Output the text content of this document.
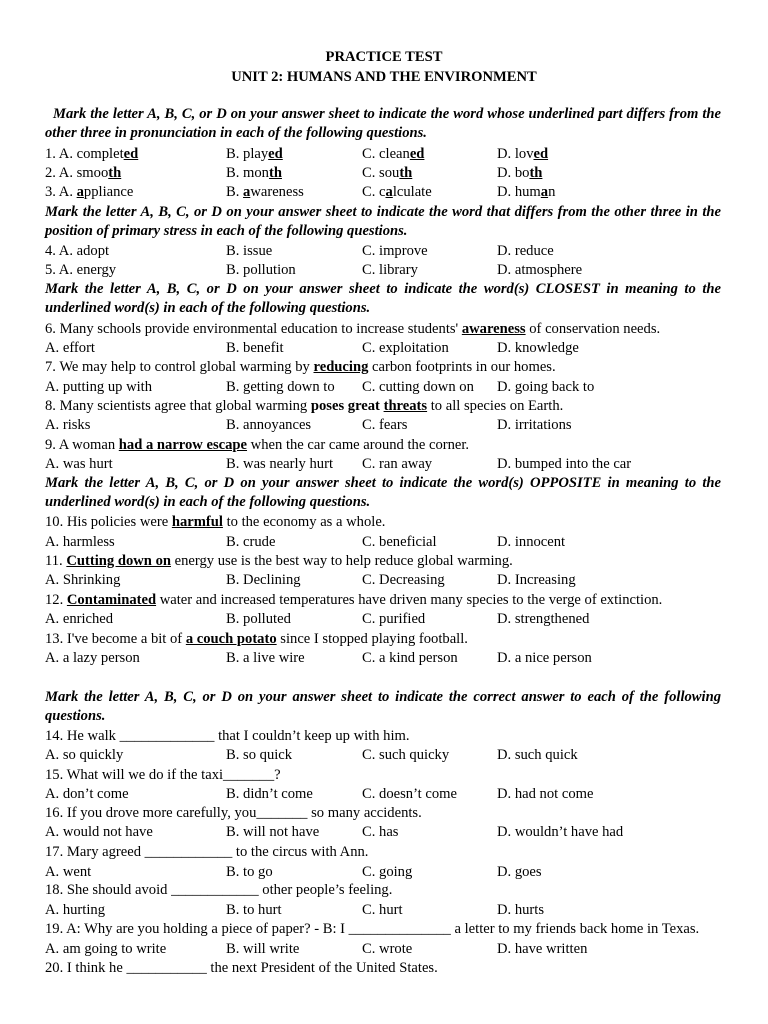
PRACTICE TEST
UNIT 2: HUMANS AND THE ENVIRONMENT
Mark the letter A, B, C, or D on your answer sheet to indicate the word whose underlined part differs from the other three in pronunciation in each of the following questions.
1. A. completed	B. played	C. cleaned	D. loved
2. A. smooth	B. month	C. south	D. both
3. A. appliance	B. awareness	C. calculate	D. human
Mark the letter A, B, C, or D on your answer sheet to indicate the word that differs from the other three in the position of primary stress in each of the following questions.
4. A. adopt	B. issue	C. improve	D. reduce
5. A. energy	B. pollution	C. library	D. atmosphere
Mark the letter A, B, C, or D on your answer sheet to indicate the word(s) CLOSEST in meaning to the underlined word(s) in each of the following questions.
6. Many schools provide environmental education to increase students' awareness of conservation needs.
A. effort	B. benefit	C. exploitation	D. knowledge
7. We may help to control global warming by reducing carbon footprints in our homes.
A. putting up with	B. getting down to C. cutting down on D. going back to
8. Many scientists agree that global warming poses great threats to all species on Earth.
A. risks	B. annoyances	C. fears	D. irritations
9. A woman had a narrow escape when the car came around the corner.
A. was hurt	B. was nearly hurt C. ran away	D. bumped into the car
Mark the letter A, B, C, or D on your answer sheet to indicate the word(s) OPPOSITE in meaning to the underlined word(s) in each of the following questions.
10. His policies were harmful to the economy as a whole.
A. harmless	B. crude	C. beneficial	D. innocent
11. Cutting down on energy use is the best way to help reduce global warming.
A. Shrinking	B. Declining	C. Decreasing	D. Increasing
12. Contaminated water and increased temperatures have driven many species to the verge of extinction.
A. enriched	B. polluted	C. purified	D. strengthened
13. I've become a bit of a couch potato since I stopped playing football.
A. a lazy person	B. a live wire	C. a kind person	D. a nice person
Mark the letter A, B, C, or D on your answer sheet to indicate the correct answer to each of the following questions.
14. He walk _____________ that I couldn’t keep up with him.
A. so quickly	B. so quick	C. such quicky	D. such quick
15. What will we do if the taxi_______?
A. don’t come	B. didn’t come	C. doesn’t come	D. had not come
16. If you drove more carefully, you_______ so many accidents.
A. would not have	B. will not have	C. has	D. wouldn’t have had
17. Mary agreed ____________ to the circus with Ann.
A. went	B. to go	C. going	D. goes
18. She should avoid ____________ other people’s feeling.
A. hurting	B. to hurt	C. hurt	D. hurts
19. A: Why are you holding a piece of paper? - B: I ______________ a letter to my friends back home in Texas.
A. am going to write	B. will write	C. wrote	D. have written
20. I think he ___________ the next President of the United States.
